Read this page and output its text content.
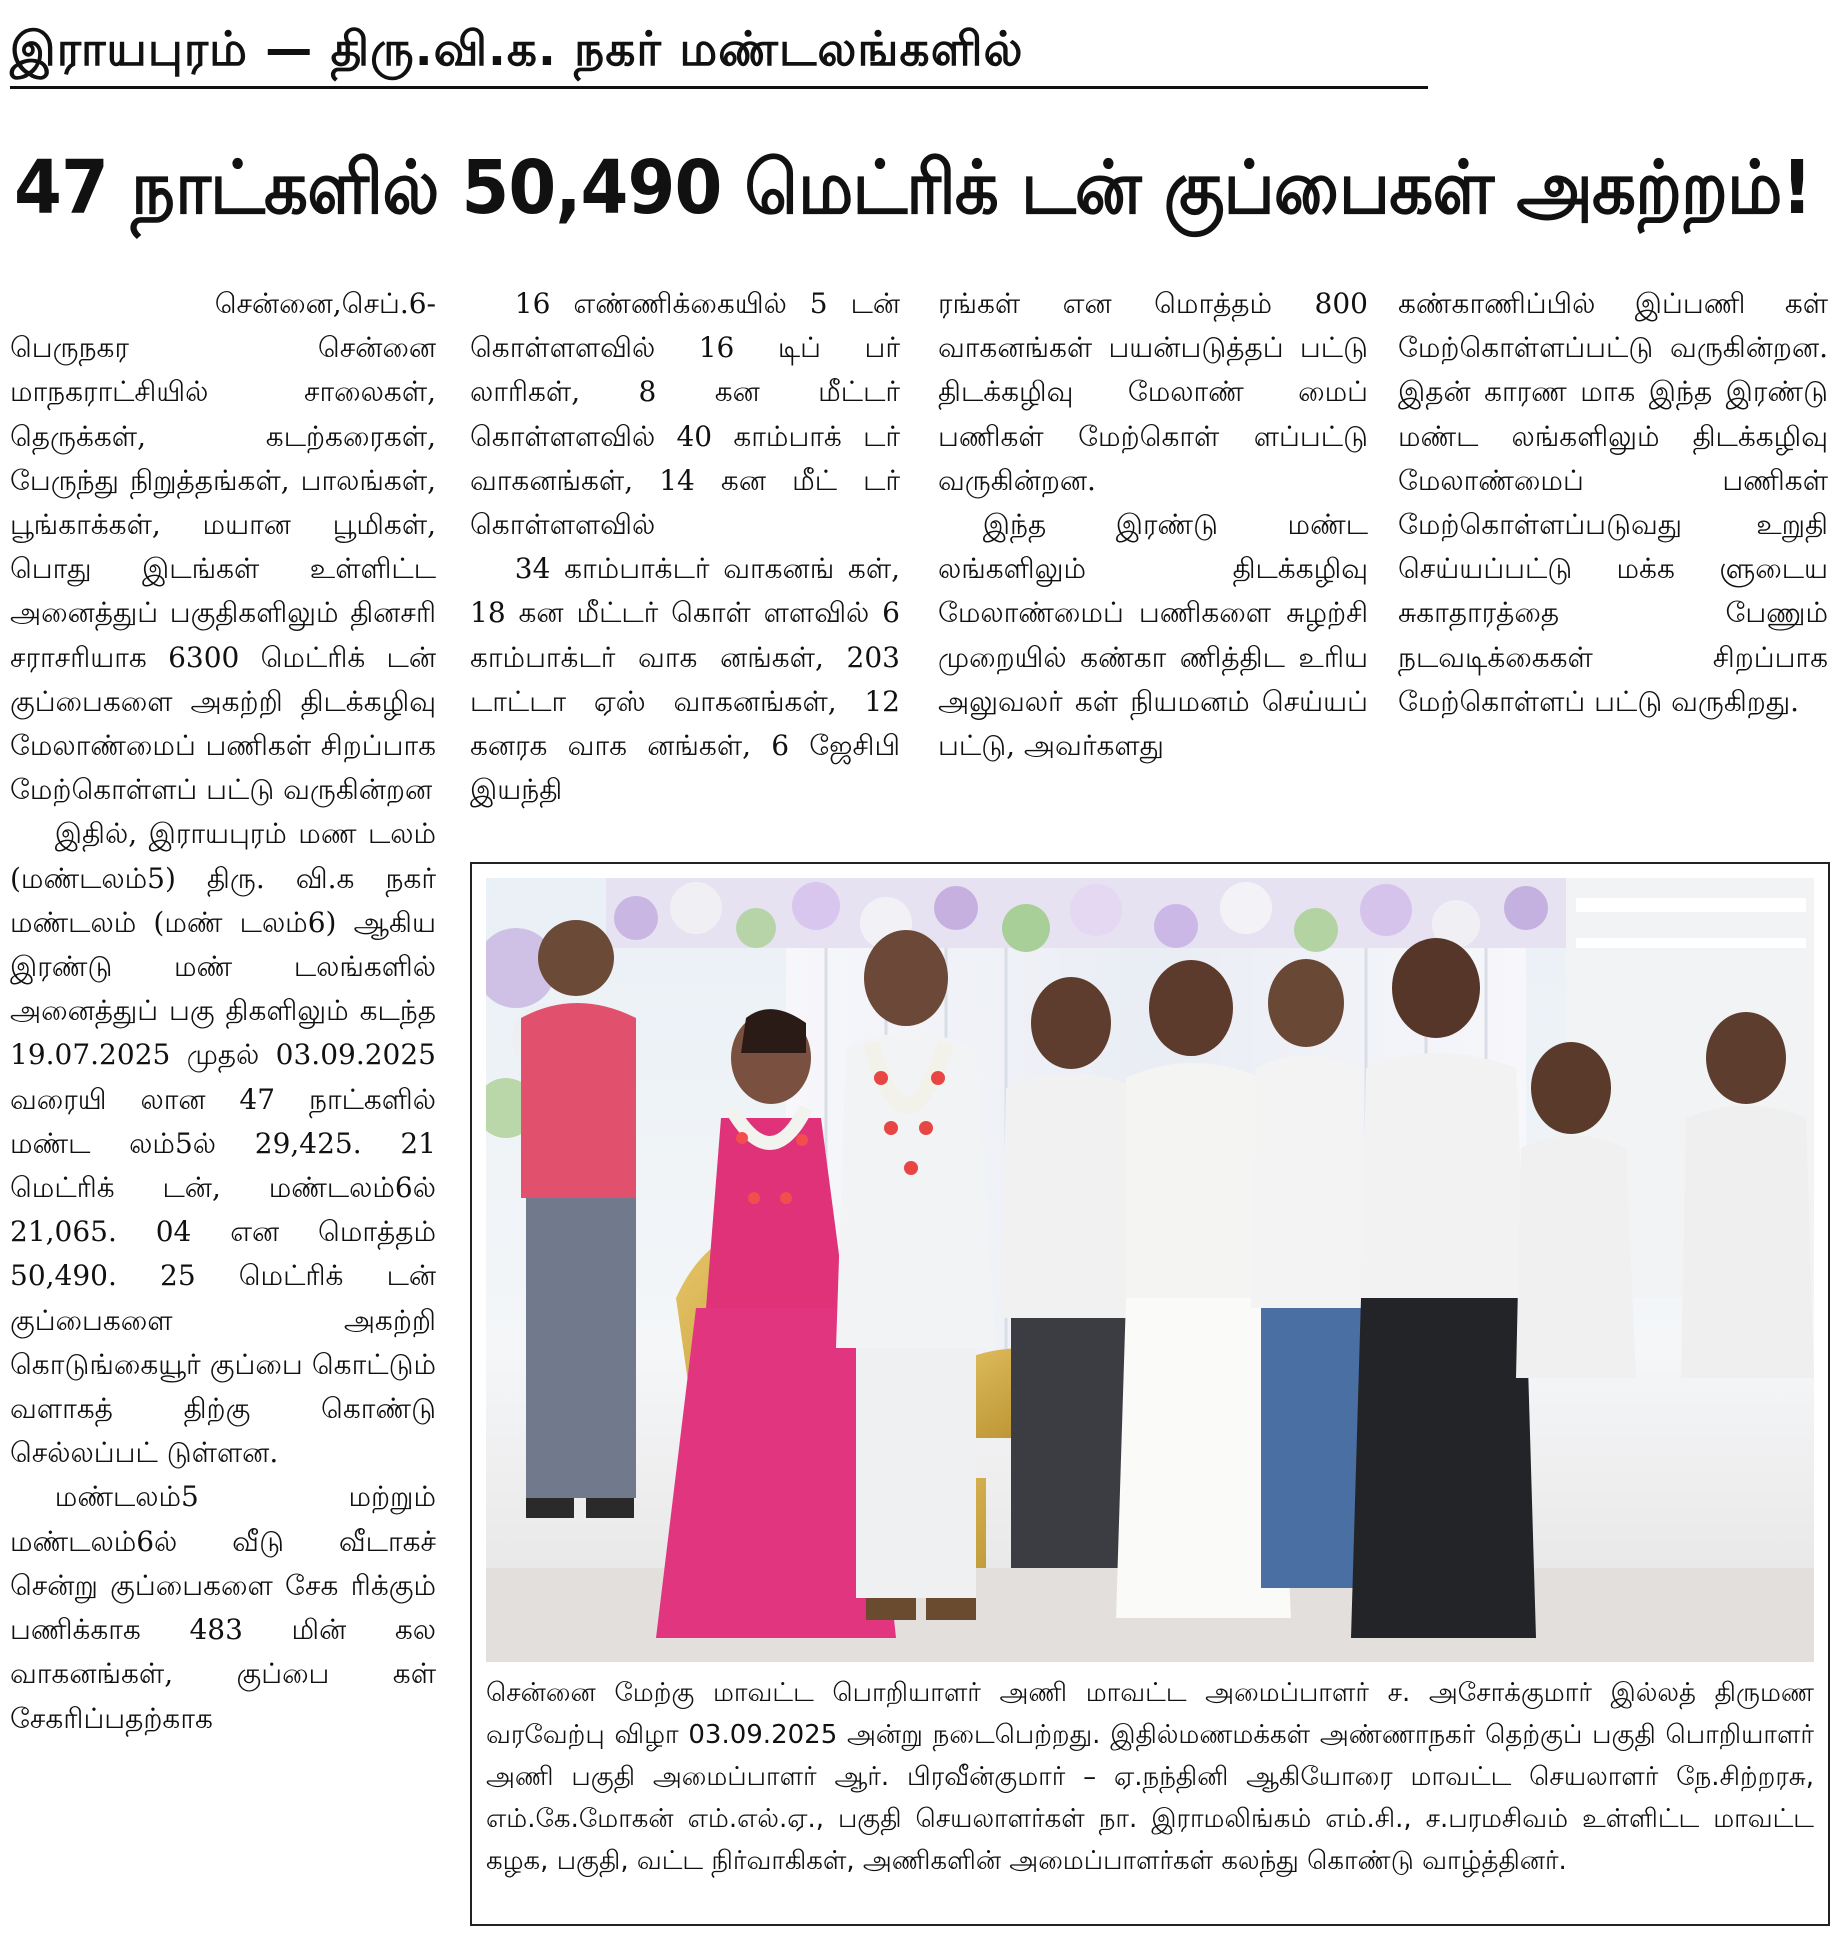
இராயபுரம் — திரு.வி.க. நகர் மண்டலங்களில்
47 நாட்களில் 50,490 மெட்ரிக் டன் குப்பைகள் அகற்றம்!

சென்னை,செப்.6-

பெருநகர சென்னை மாநகராட்சியில் சாலைகள், தெருக்கள், கடற்கரைகள், பேருந்து நிறுத்தங்கள், பாலங்கள், பூங்காக்கள், மயான பூமிகள், பொது இடங்கள் உள்ளிட்ட அனைத்துப் பகுதிகளிலும் தினசரி சராசரியாக 6300 மெட்ரிக் டன் குப்பைகளை அகற்றி திடக்கழிவு மேலாண்மைப் பணிகள் சிறப்பாக மேற்கொள்ளப் பட்டு வருகின்றன

இதில், இராயபுரம் மண டலம் (மண்டலம்5) திரு. வி.க நகர் மண்டலம் (மண் டலம்6) ஆகிய இரண்டு மண் டலங்களில் அனைத்துப் பகு திகளிலும் கடந்த 19.07.2025 முதல் 03.09.2025 வரையி லான 47 நாட்களில் மண்ட லம்5ல் 29,425. 21 மெட்ரிக் டன், மண்டலம்6ல் 21,065. 04 என மொத்தம் 50,490. 25 மெட்ரிக் டன் குப்பைகளை அகற்றி கொடுங்கையூர் குப்பை கொட்டும் வளாகத் திற்கு கொண்டு செல்லப்பட் டுள்ளன.

மண்டலம்5 மற்றும் மண்டலம்6ல் வீடு வீடாகச் சென்று குப்பைகளை சேக ரிக்கும் பணிக்காக 483 மின் கல வாகனங்கள், குப்பை கள் சேகரிப்பதற்காக

16 எண்ணிக்கையில் 5 டன் கொள்ளளவில் 16 டிப் பர் லாரிகள், 8 கன மீட்டர் கொள்ளளவில் 40 காம்பாக் டர் வாகனங்கள், 14 கன மீட் டர் கொள்ளளவில்

34 காம்பாக்டர் வாகனங் கள், 18 கன மீட்டர் கொள் ளளவில் 6 காம்பாக்டர் வாக னங்கள், 203 டாட்டா ஏஸ் வாகனங்கள், 12 கனரக வாக னங்கள், 6 ஜேசிபி இயந்தி

ரங்கள் என மொத்தம் 800 வாகனங்கள் பயன்படுத்தப் பட்டு திடக்கழிவு மேலாண் மைப் பணிகள் மேற்கொள் ளப்பட்டு வருகின்றன.

இந்த இரண்டு மண்ட லங்களிலும் திடக்கழிவு மேலாண்மைப் பணிகளை சுழற்சி முறையில் கண்கா ணித்திட உரிய அலுவலர் கள் நியமனம் செய்யப் பட்டு, அவர்களது

கண்காணிப்பில் இப்பணி கள் மேற்கொள்ளப்பட்டு வருகின்றன. இதன் காரண மாக இந்த இரண்டு மண்ட லங்களிலும் திடக்கழிவு மேலாண்மைப் பணிகள் மேற்கொள்ளப்படுவது உறுதி செய்யப்பட்டு மக்க ளுடைய சுகாதாரத்தை பேணும் நடவடிக்கைகள் சிறப்பாக மேற்கொள்ளப் பட்டு வருகிறது.

சென்னை மேற்கு மாவட்ட பொறியாளர் அணி மாவட்ட அமைப்பாளர் ச. அசோக்குமார் இல்லத் திருமண வரவேற்பு விழா 03.09.2025 அன்று நடைபெற்றது. இதில்மணமக்கள் அண்ணாநகர் தெற்குப் பகுதி பொறியாளர் அணி பகுதி அமைப்பாளர் ஆர். பிரவீன்குமார் – ஏ.நந்தினி ஆகியோரை மாவட்ட செயலாளர் நே.சிற்றரசு, எம்.கே.மோகன் எம்.எல்.ஏ., பகுதி செயலாளர்கள் நா. இராமலிங்கம் எம்.சி., ச.பரமசிவம் உள்ளிட்ட மாவட்ட கழக, பகுதி, வட்ட நிர்வாகிகள், அணிகளின் அமைப்பாளர்கள் கலந்து கொண்டு வாழ்த்தினர்.
